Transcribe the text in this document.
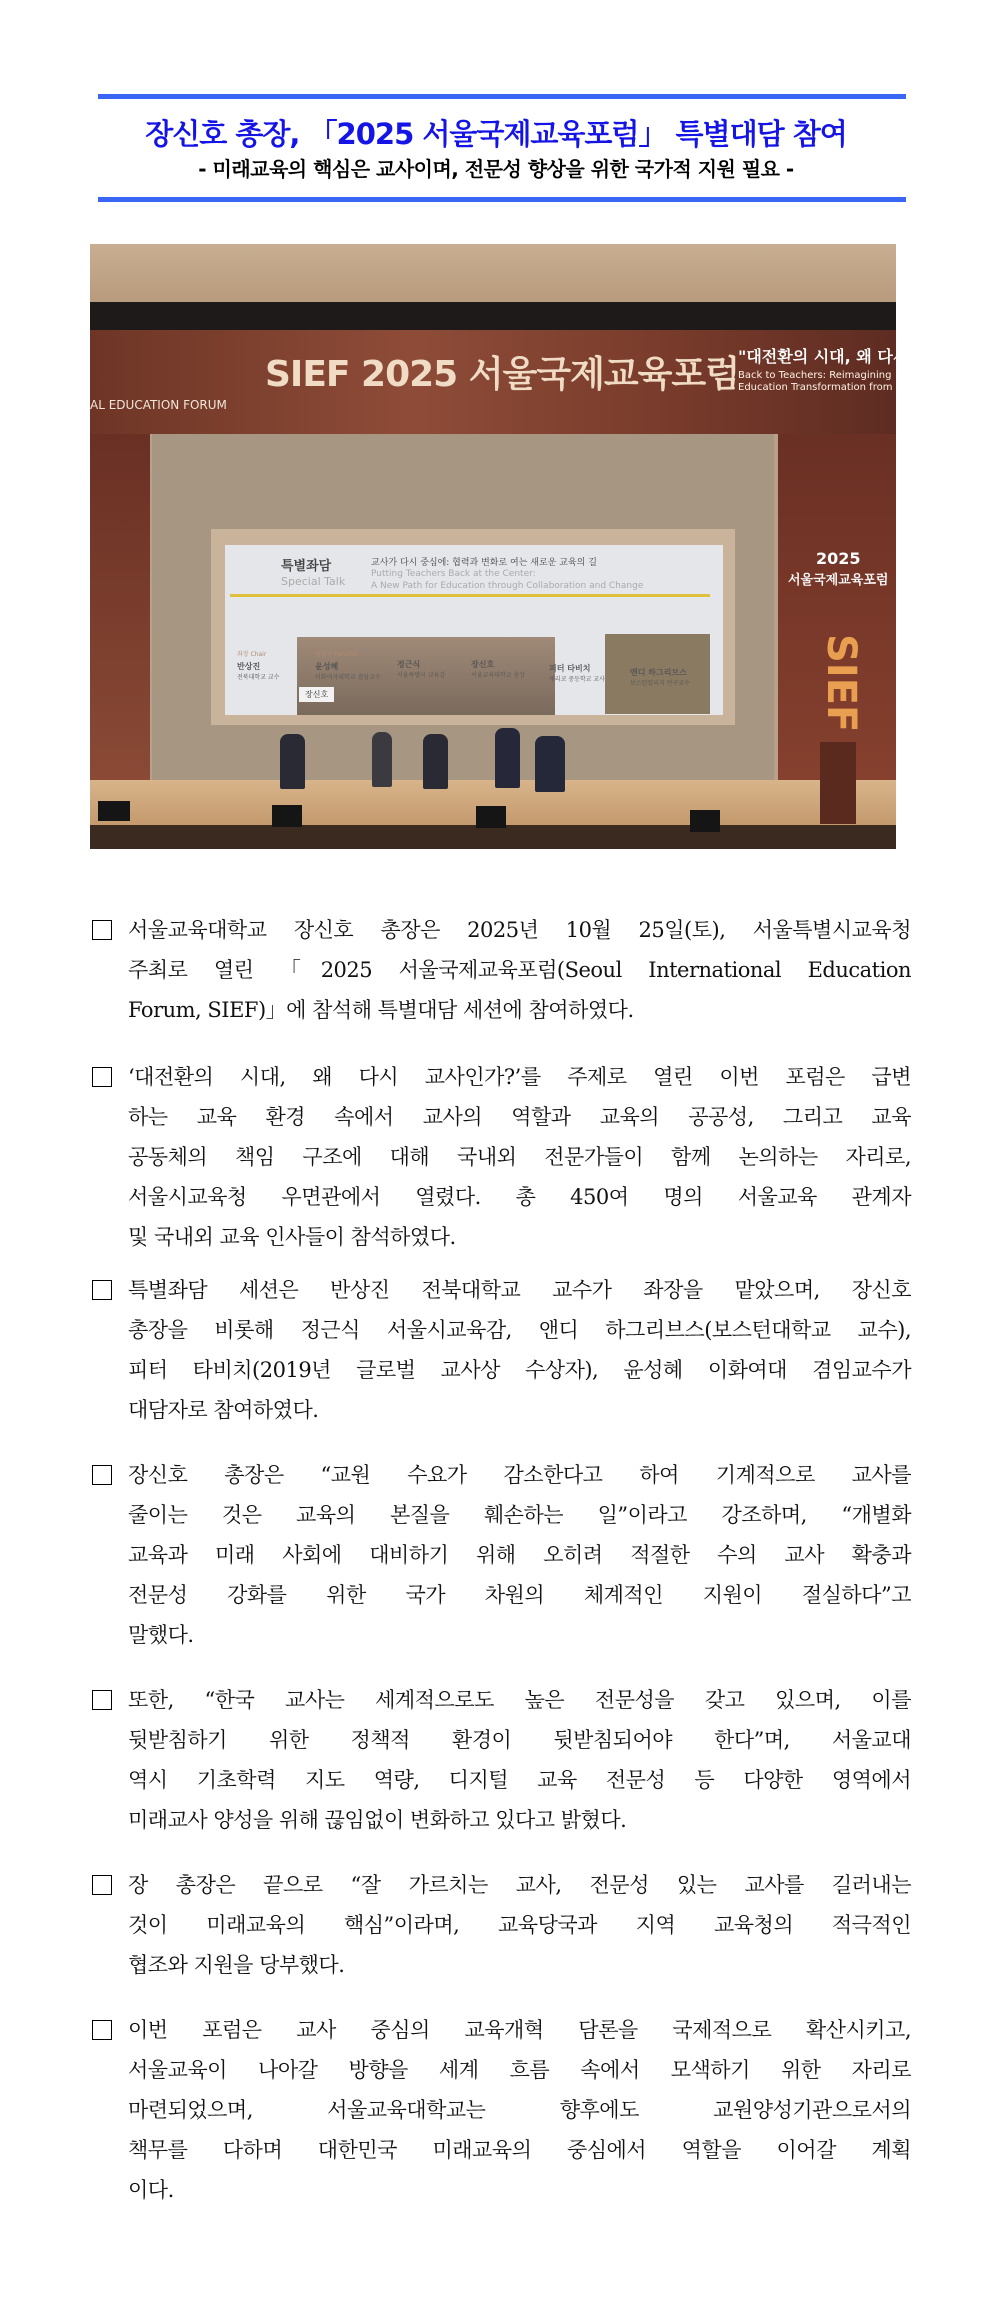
장신호 총장, 「2025 서울국제교육포럼」 특별대담 참여
- 미래교육의 핵심은 교사이며, 전문성 향상을 위한 국가적 지원 필요 -
AL EDUCATION FORUM
SIEF 2025 서울국제교육포럼 "대전환의 시대, 왜 다시 교사
Back to Teachers: Reimagining Education Transformation from
2025
서울국제교육포럼
SIEF
특별좌담
Special Talk
교사가 다시 중심에: 협력과 변화로 여는 새로운 교육의 길
Putting Teachers Back at the Center:
A New Path for Education through Collaboration and Change
장신호
좌장 Chair	좌담자 Panelist
반상진
전북대학교 교수
윤성혜
이화여자대학교 겸임교수
정근식
서울특별시 교육감
장신호
서울교육대학교 총장
피터 타비치
케리코 중등학교 교사
앤디 하그리브스
보스턴칼리지 연구교수
서울교육대학교 장신호 총장은 2025년 10월 25일(토), 서울특별시교육청
주최로 열린 「2025 서울국제교육포럼(Seoul International Education
Forum, SIEF)」에 참석해 특별대담 세션에 참여하였다.
‘대전환의 시대, 왜 다시 교사인가?’를 주제로 열린 이번 포럼은 급변
하는 교육 환경 속에서 교사의 역할과 교육의 공공성, 그리고 교육
공동체의 책임 구조에 대해 국내외 전문가들이 함께 논의하는 자리로,
서울시교육청 우면관에서 열렸다. 총 450여 명의 서울교육 관계자
및 국내외 교육 인사들이 참석하였다.
특별좌담 세션은 반상진 전북대학교 교수가 좌장을 맡았으며, 장신호
총장을 비롯해 정근식 서울시교육감, 앤디 하그리브스(보스턴대학교 교수),
피터 타비치(2019년 글로벌 교사상 수상자), 윤성혜 이화여대 겸임교수가
대담자로 참여하였다.
장신호 총장은 “교원 수요가 감소한다고 하여 기계적으로 교사를
줄이는 것은 교육의 본질을 훼손하는 일”이라고 강조하며, “개별화
교육과 미래 사회에 대비하기 위해 오히려 적절한 수의 교사 확충과
전문성 강화를 위한 국가 차원의 체계적인 지원이 절실하다”고
말했다.
또한, “한국 교사는 세계적으로도 높은 전문성을 갖고 있으며, 이를
뒷받침하기 위한 정책적 환경이 뒷받침되어야 한다”며, 서울교대
역시 기초학력 지도 역량, 디지털 교육 전문성 등 다양한 영역에서
미래교사 양성을 위해 끊임없이 변화하고 있다고 밝혔다.
장 총장은 끝으로 “잘 가르치는 교사, 전문성 있는 교사를 길러내는
것이 미래교육의 핵심”이라며, 교육당국과 지역 교육청의 적극적인
협조와 지원을 당부했다.
이번 포럼은 교사 중심의 교육개혁 담론을 국제적으로 확산시키고,
서울교육이 나아갈 방향을 세계 흐름 속에서 모색하기 위한 자리로
마련되었으며, 서울교육대학교는 향후에도 교원양성기관으로서의
책무를 다하며 대한민국 미래교육의 중심에서 역할을 이어갈 계획
이다.
